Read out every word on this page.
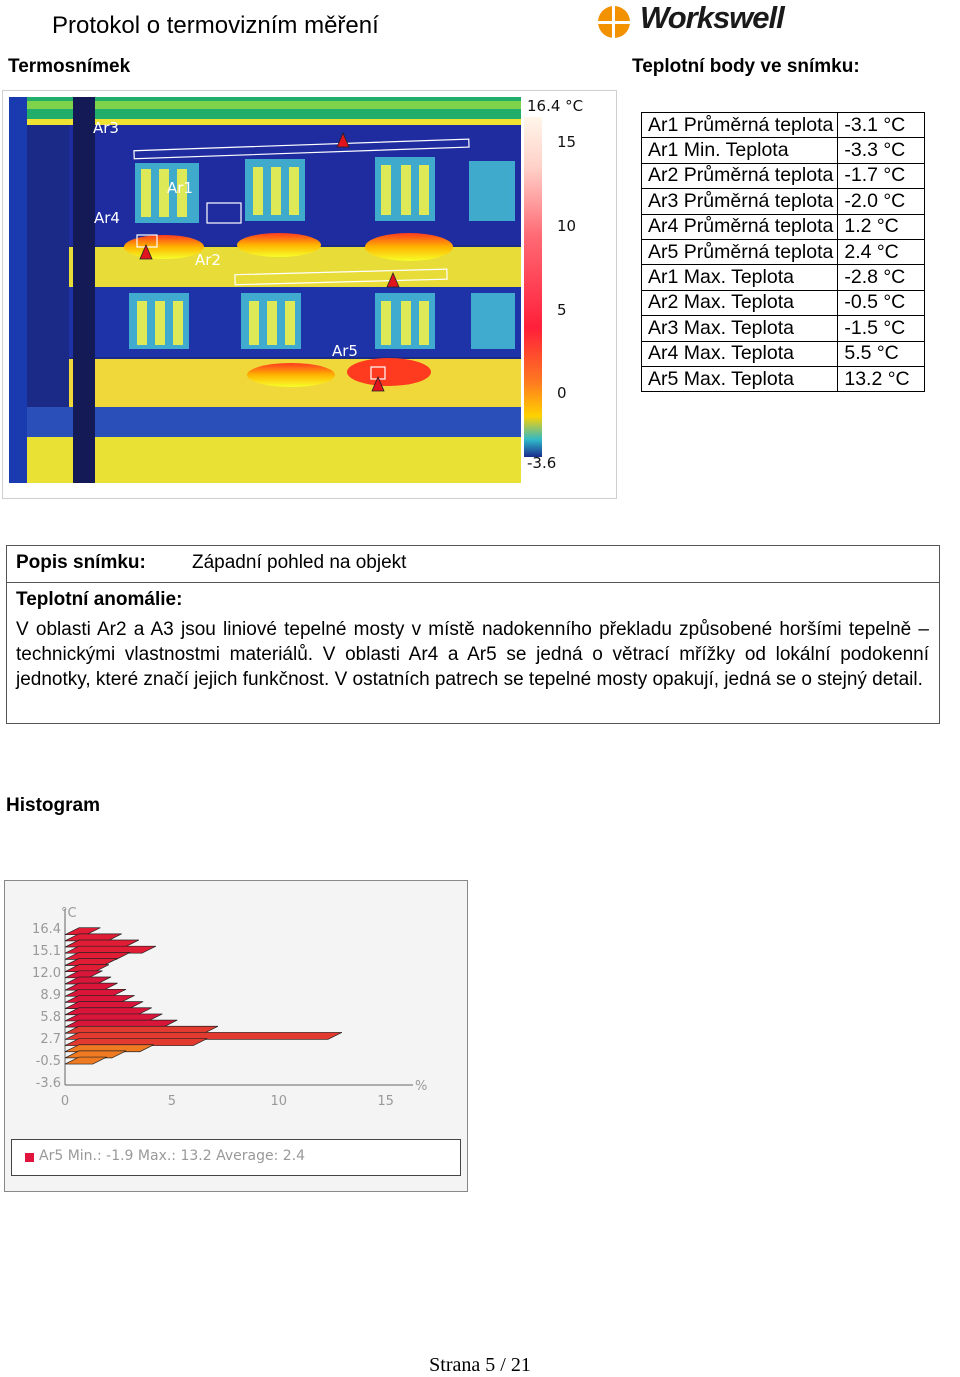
Protokol o termovizním měření	Workswell
Termosnímek	Teplotní body ve snímku:
Ar3
Ar1
Ar4
Ar2
Ar5
16.4 °C
15
10
5
0
-3.6
Ar1 Průměrná teplota	-3.1 °C
Ar1 Min. Teplota	-3.3 °C
Ar2 Průměrná teplota	-1.7 °C
Ar3 Průměrná teplota	-2.0 °C
Ar4 Průměrná teplota	1.2 °C
Ar5 Průměrná teplota	2.4 °C
Ar1 Max. Teplota	-2.8 °C
Ar2 Max. Teplota	-0.5 °C
Ar3 Max. Teplota	-1.5 °C
Ar4 Max. Teplota	5.5 °C
Ar5 Max. Teplota	13.2 °C
Popis snímku: Západní pohled na objekt
Teplotní anomálie:
V oblasti Ar2 a A3 jsou liniové tepelné mosty v místě nadokenního překladu způsobené horšími tepelně – technickými vlastnostmi materiálů. V oblasti Ar4 a Ar5 se jedná o větrací mřížky od lokální podokenní jednotky, které značí jejich funkčnost. V ostatních patrech se tepelné mosty opakují, jedná se o stejný detail.
Histogram
16.4
15.1
12.0
8.9
5.8
2.7
-0.5
-3.6
0	5	10	15
°C
%
Ar5 Min.: -1.9 Max.: 13.2 Average: 2.4
Strana 5 / 21
